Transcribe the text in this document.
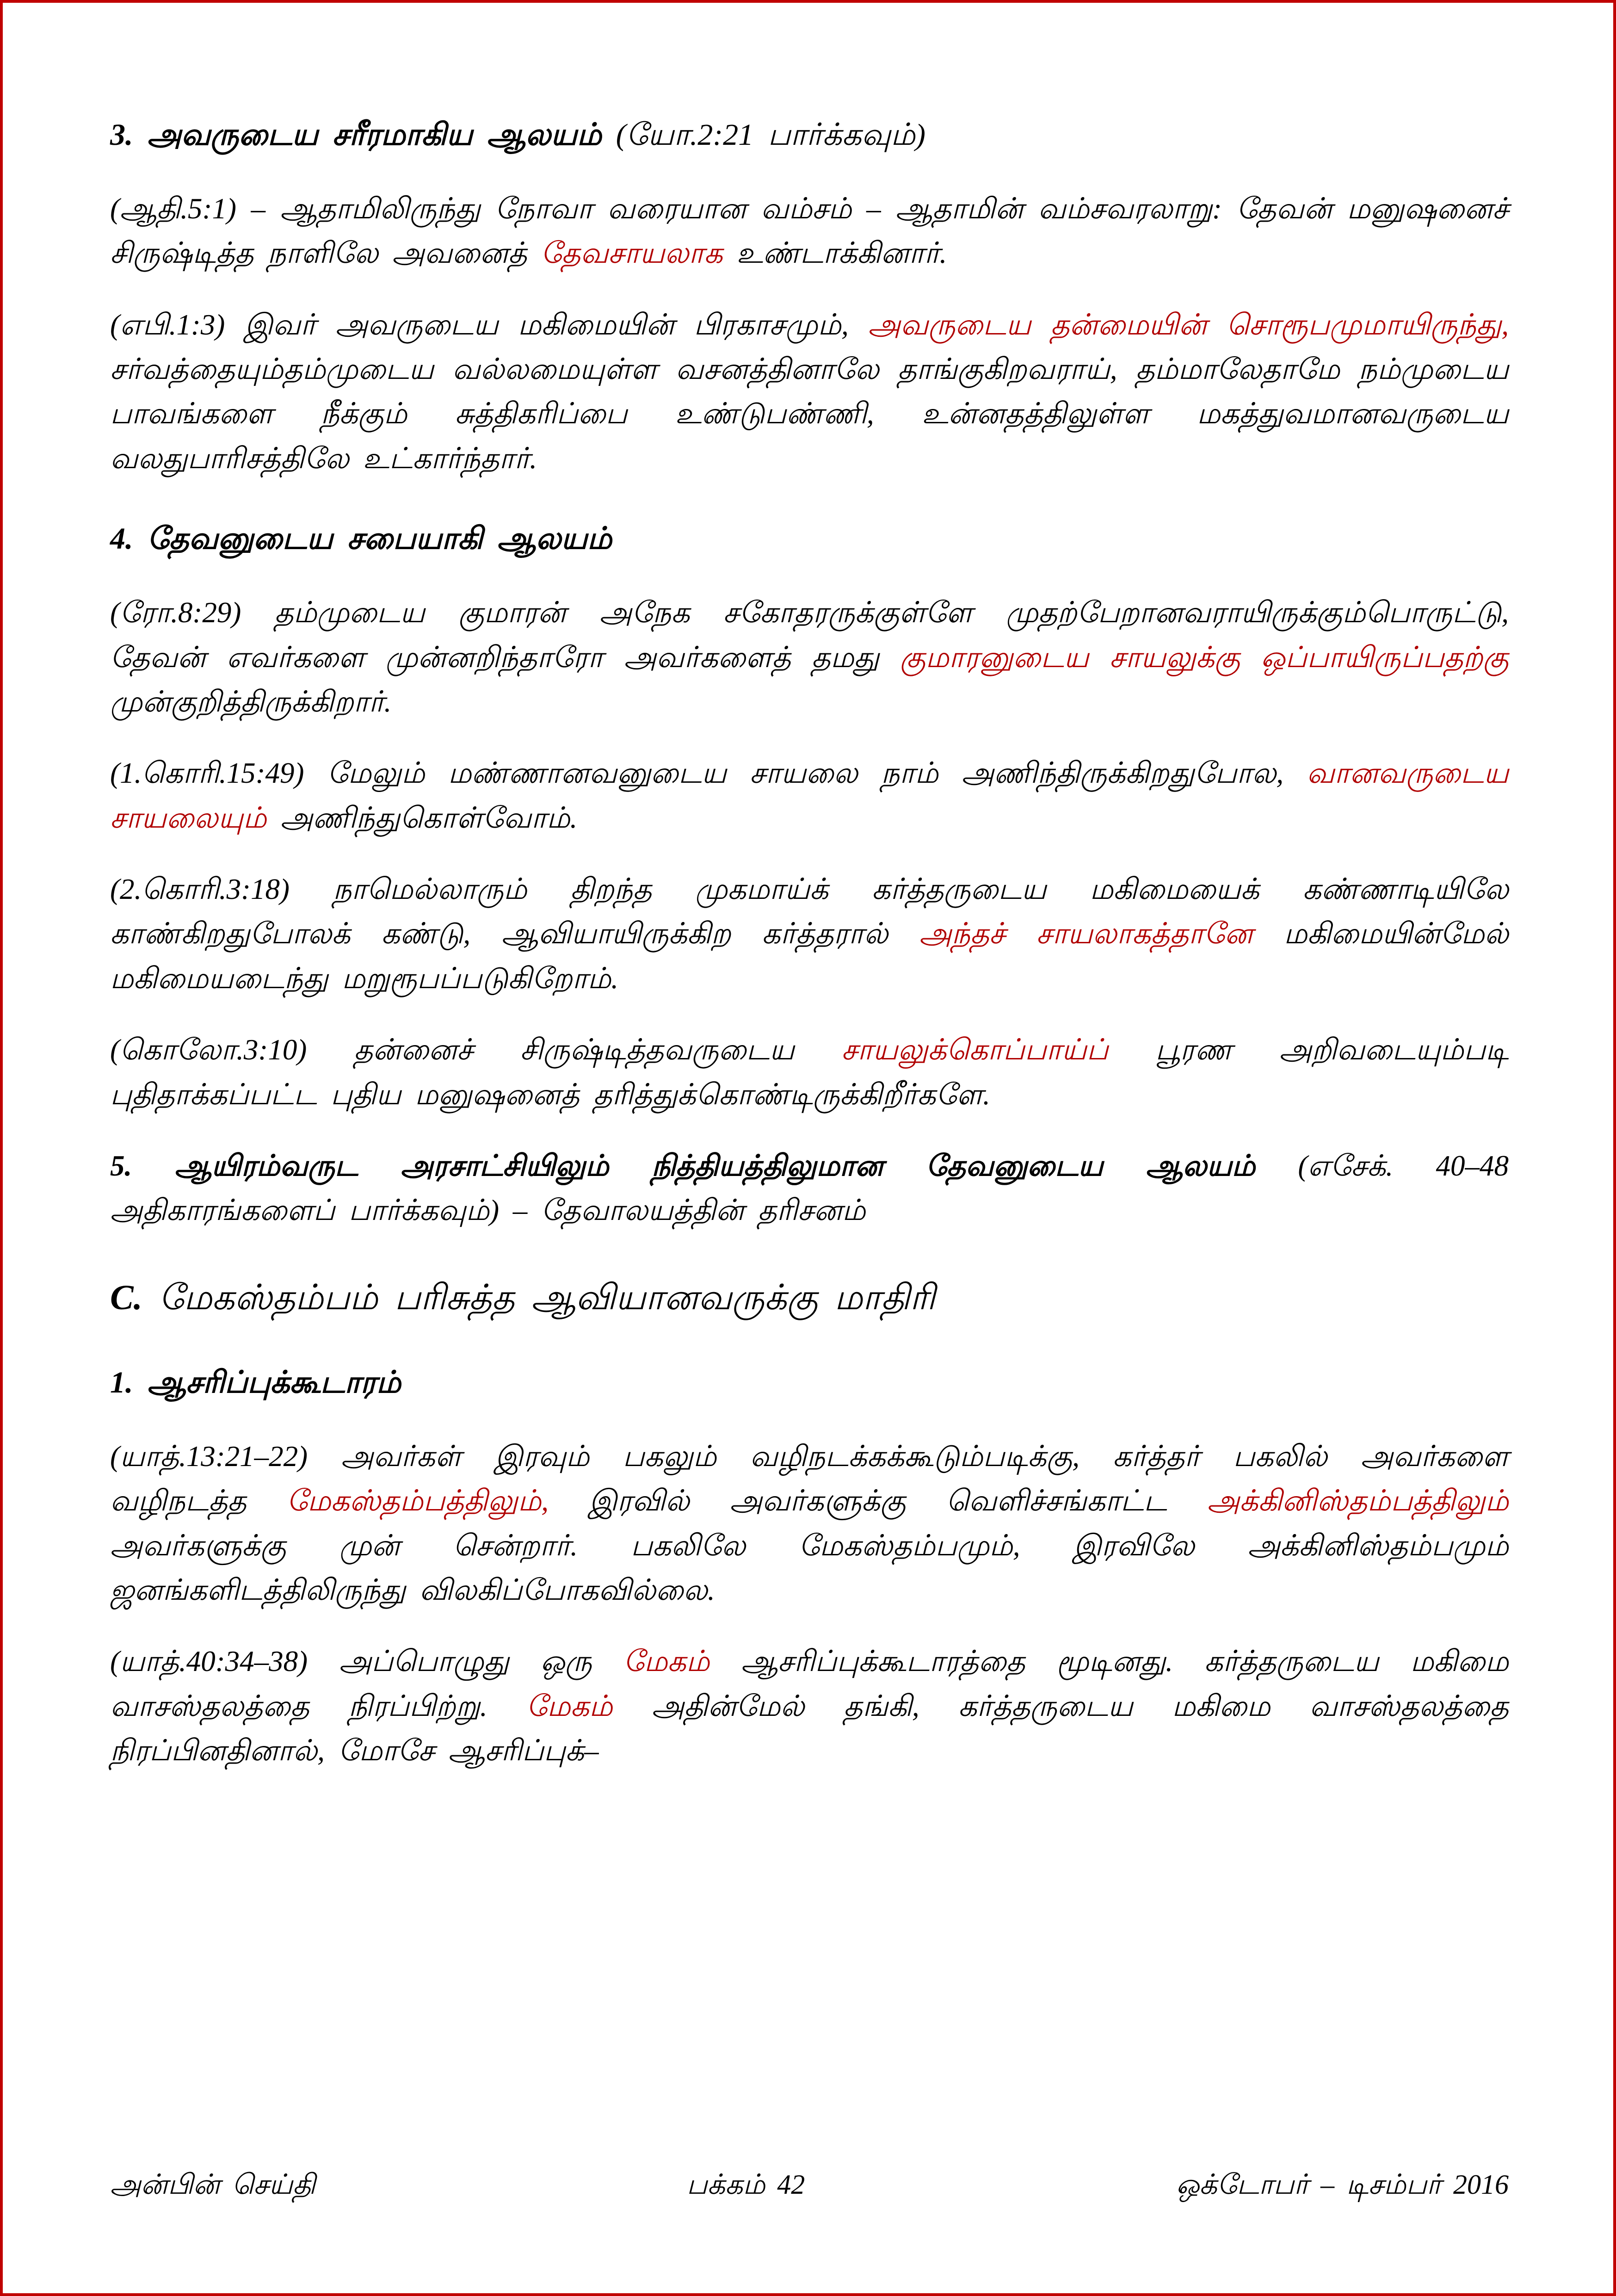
3. அவருடைய சரீரமாகிய ஆலயம் (யோ.2:21 பார்க்கவும்)
(ஆதி.5:1) – ஆதாமிலிருந்து நோவா வரையான வம்சம் – ஆதாமின் வம்சவரலாறு: தேவன் மனுஷனைச் சிருஷ்டித்த நாளிலே அவனைத் தேவசாயலாக உண்டாக்கினார்.
(எபி.1:3) இவர் அவருடைய மகிமையின் பிரகாசமும், அவருடைய தன்மையின் சொரூபமுமாயிருந்து, சர்வத்தையும்தம்முடைய வல்லமையுள்ள வசனத்தினாலே தாங்குகிறவராய், தம்மாலேதாமே நம்முடைய பாவங்களை நீக்கும் சுத்திகரிப்பை உண்டுபண்ணி, உன்னதத்திலுள்ள மகத்துவமானவருடைய வலதுபாரிசத்திலே உட்கார்ந்தார்.
4. தேவனுடைய சபையாகி ஆலயம்
(ரோ.8:29) தம்முடைய குமாரன் அநேக சகோதரருக்குள்ளே முதற்பேறானவராயிருக்கும்பொருட்டு, தேவன் எவர்களை முன்னறிந்தாரோ அவர்களைத் தமது குமாரனுடைய சாயலுக்கு ஒப்பாயிருப்பதற்கு முன்குறித்திருக்கிறார்.
(1.கொரி.15:49) மேலும் மண்ணானவனுடைய சாயலை நாம் அணிந்திருக்கிறதுபோல, வானவருடைய சாயலையும் அணிந்துகொள்வோம்.
(2.கொரி.3:18) நாமெல்லாரும் திறந்த முகமாய்க் கர்த்தருடைய மகிமையைக் கண்ணாடியிலே காண்கிறதுபோலக் கண்டு, ஆவியாயிருக்கிற கர்த்தரால் அந்தச் சாயலாகத்தானே மகிமையின்மேல் மகிமையடைந்து மறுரூபப்படுகிறோம்.
(கொலோ.3:10) தன்னைச் சிருஷ்டித்தவருடைய சாயலுக்கொப்பாய்ப் பூரண அறிவடையும்படி புதிதாக்கப்பட்ட புதிய மனுஷனைத் தரித்துக்கொண்டிருக்கிறீர்களே.
5. ஆயிரம்வருட அரசாட்சியிலும் நித்தியத்திலுமான தேவனுடைய ஆலயம் (எசேக். 40–48 அதிகாரங்களைப் பார்க்கவும்) – தேவாலயத்தின் தரிசனம்
C. மேகஸ்தம்பம் பரிசுத்த ஆவியானவருக்கு மாதிரி
1. ஆசரிப்புக்கூடாரம்
(யாத்.13:21–22) அவர்கள் இரவும் பகலும் வழிநடக்கக்கூடும்படிக்கு, கர்த்தர் பகலில் அவர்களை வழிநடத்த மேகஸ்தம்பத்திலும், இரவில் அவர்களுக்கு வெளிச்சங்காட்ட அக்கினிஸ்தம்பத்திலும் அவர்களுக்கு முன் சென்றார். பகலிலே மேகஸ்தம்பமும், இரவிலே அக்கினிஸ்தம்பமும் ஜனங்களிடத்திலிருந்து விலகிப்போகவில்லை.
(யாத்.40:34–38) அப்பொழுது ஒரு மேகம் ஆசரிப்புக்கூடாரத்தை மூடினது. கர்த்தருடைய மகிமை வாசஸ்தலத்தை நிரப்பிற்று. மேகம் அதின்மேல் தங்கி, கர்த்தருடைய மகிமை வாசஸ்தலத்தை நிரப்பினதினால், மோசே ஆசரிப்புக்–
அன்பின் செய்தி	பக்கம் 42	ஒக்டோபர் – டிசம்பர் 2016
